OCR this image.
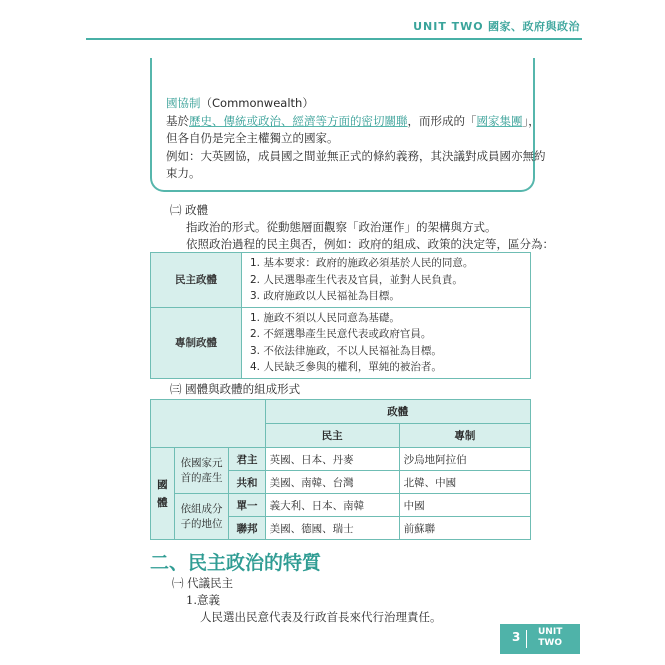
UNIT TWO 國家、政府與政治
國協制（Commonwealth）
基於歷史、傳統或政治、經濟等方面的密切關聯，而形成的「國家集團」，
但各自仍是完全主權獨立的國家。
例如：大英國協，成員國之間並無正式的條約義務，其決議對成員國亦無約
束力。
㈡ 政體
指政治的形式。從動態層面觀察「政治運作」的架構與方式。
依照政治過程的民主與否，例如：政府的組成、政策的決定等，區分為：
民主政體	1. 基本要求：政府的施政必須基於人民的同意。
2. 人民選舉產生代表及官員，並對人民負責。
3. 政府施政以人民福祉為目標。

專制政體	1. 施政不須以人民同意為基礎。
2. 不經選舉產生民意代表或政府官員。
3. 不依法律施政，不以人民福祉為目標。
4. 人民缺乏參與的權利，單純的被治者。
㈢ 國體與政體的組成形式
			政體	
			民主	專制
國體	依國家元首的產生	君主	英國、日本、丹麥	沙烏地阿拉伯
		共和	美國、南韓、台灣	北韓、中國
	依組成分子的地位	單一	義大利、日本、南韓	中國
		聯邦	美國、德國、瑞士	前蘇聯
二、民主政治的特質
㈠ 代議民主
1.意義
人民選出民意代表及行政首長來代行治理責任。
3 UNIT
TWO
